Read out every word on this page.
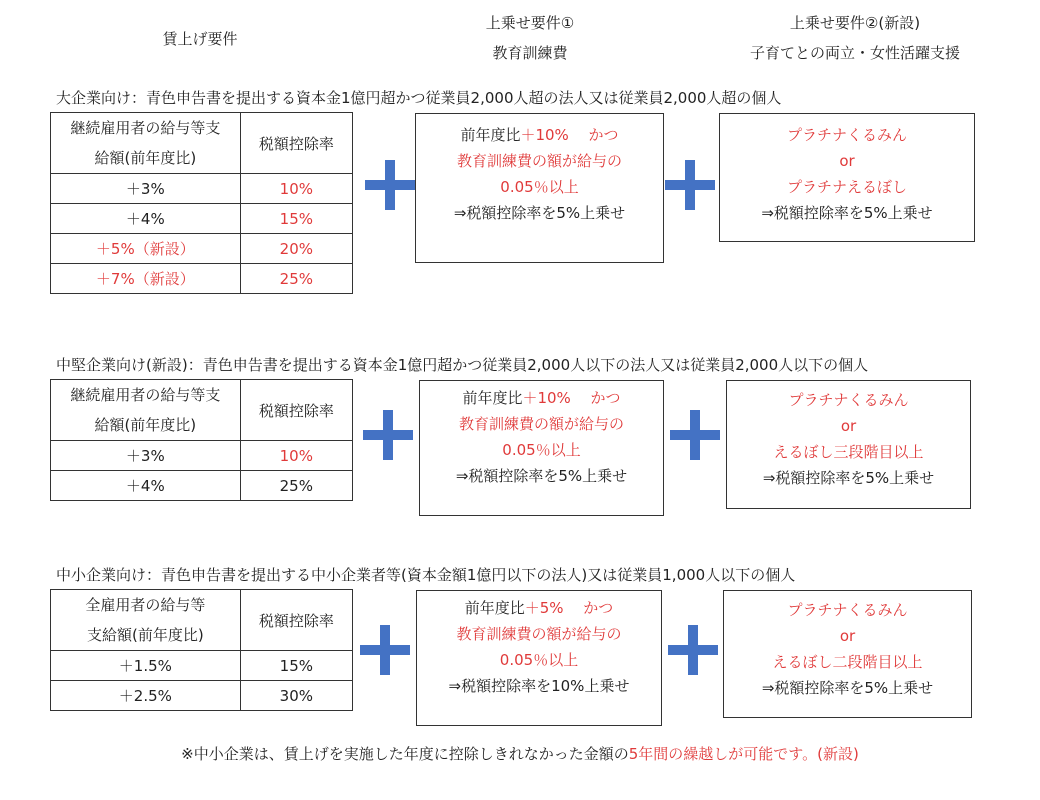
賃上げ要件
上乗せ要件①
教育訓練費
上乗せ要件②(新設)
子育てとの両立・女性活躍支援
大企業向け：青色申告書を提出する資本金1億円超かつ従業員2,000人超の法人又は従業員2,000人超の個人
継続雇用者の給与等支
給額(前年度比)	税額控除率
＋3%	10%
＋4%	15%
＋5%（新設）	20%
＋7%（新設）	25%
前年度比＋10%　 かつ
教育訓練費の額が給与の
0.05％以上
⇒税額控除率を5%上乗せ
プラチナくるみん
or
プラチナえるぼし
⇒税額控除率を5%上乗せ
中堅企業向け(新設)：青色申告書を提出する資本金1億円超かつ従業員2,000人以下の法人又は従業員2,000人以下の個人
継続雇用者の給与等支
給額(前年度比)	税額控除率
＋3%	10%
＋4%	25%
前年度比＋10%　 かつ
教育訓練費の額が給与の
0.05％以上
⇒税額控除率を5%上乗せ
プラチナくるみん
or
えるぼし三段階目以上
⇒税額控除率を5%上乗せ
中小企業向け：青色申告書を提出する中小企業者等(資本金額1億円以下の法人)又は従業員1,000人以下の個人
全雇用者の給与等
支給額(前年度比)	税額控除率
＋1.5%	15%
＋2.5%	30%
前年度比＋5%　 かつ
教育訓練費の額が給与の
0.05％以上
⇒税額控除率を10%上乗せ
プラチナくるみん
or
えるぼし二段階目以上
⇒税額控除率を5%上乗せ
※中小企業は、賃上げを実施した年度に控除しきれなかった金額の5年間の繰越しが可能です。(新設)
